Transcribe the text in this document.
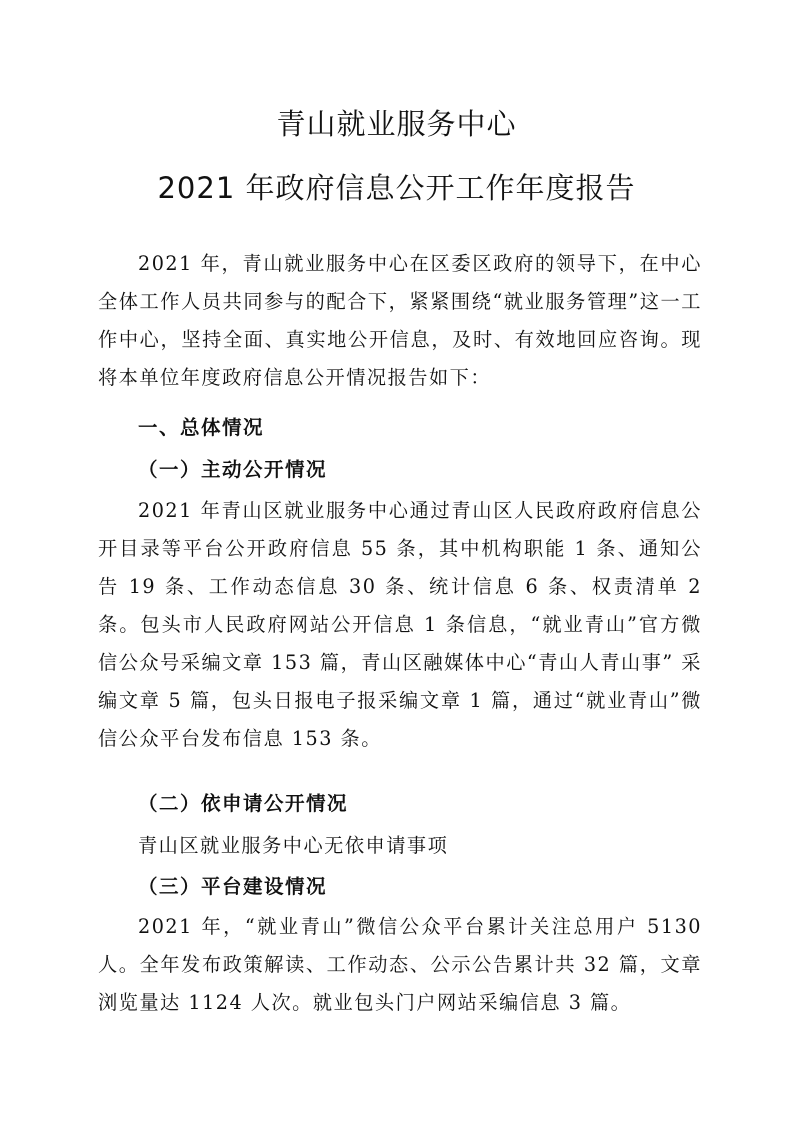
青山就业服务中心
2021 年政府信息公开工作年度报告

2021 年，青山就业服务中心在区委区政府的领导下，在中心全体工作人员共同参与的配合下，紧紧围绕“就业服务管理”这一工作中心，坚持全面、真实地公开信息，及时、有效地回应咨询。现将本单位年度政府信息公开情况报告如下：

一、总体情况

（一）主动公开情况

2021 年青山区就业服务中心通过青山区人民政府政府信息公开目录等平台公开政府信息 55 条，其中机构职能 1 条、通知公告 19 条、工作动态信息 30 条、统计信息 6 条、权责清单 2 条。包头市人民政府网站公开信息 1 条信息，“就业青山”官方微信公众号采编文章 153 篇，青山区融媒体中心“青山人青山事” 采编文章 5 篇，包头日报电子报采编文章 1 篇，通过“就业青山”微信公众平台发布信息 153 条。

（二）依申请公开情况

青山区就业服务中心无依申请事项

（三）平台建设情况

2021 年，“就业青山”微信公众平台累计关注总用户 5130 人。全年发布政策解读、工作动态、公示公告累计共 32 篇，文章浏览量达 1124 人次。就业包头门户网站采编信息 3 篇。
